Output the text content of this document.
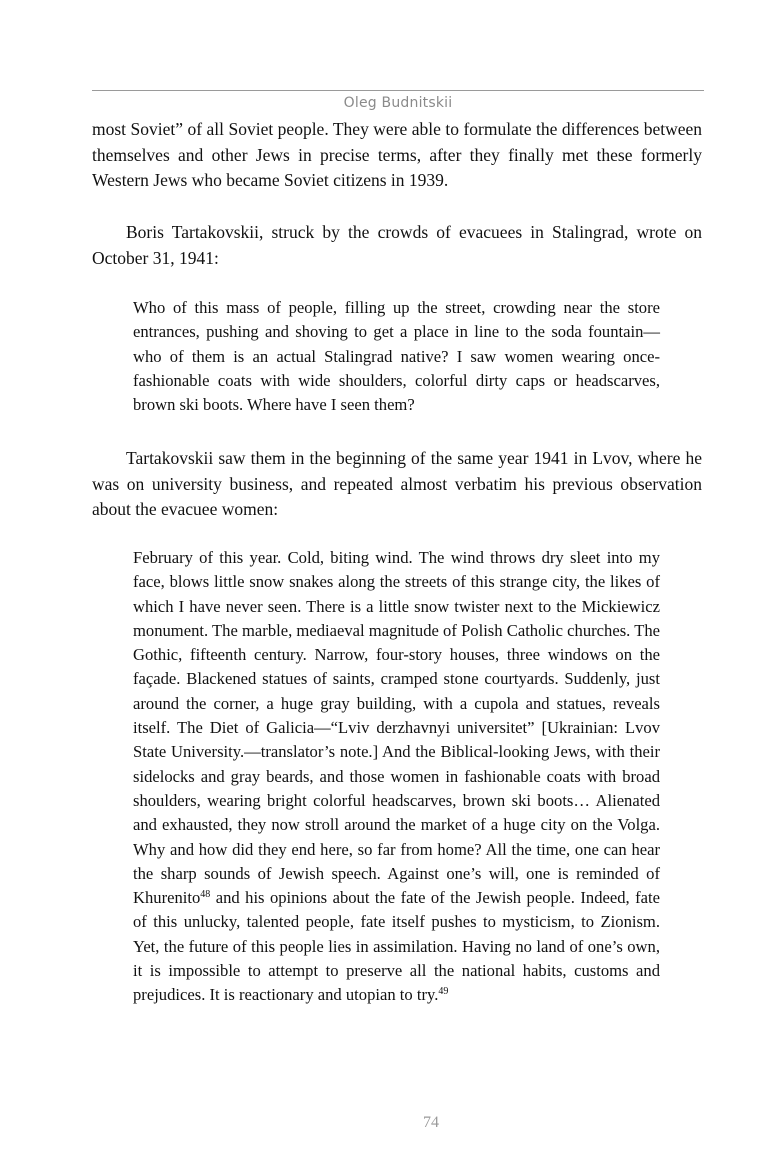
Oleg Budnitskii

most Soviet” of all Soviet people. They were able to formulate the differences between themselves and other Jews in precise terms, after they finally met these formerly Western Jews who became Soviet citizens in 1939.

Boris Tartakovskii, struck by the crowds of evacuees in Stalingrad, wrote on October 31, 1941:

Who of this mass of people, filling up the street, crowding near the store entrances, pushing and shoving to get a place in line to the soda fountain—who of them is an actual Stalingrad native? I saw women wearing once-fashionable coats with wide shoulders, colorful dirty caps or headscarves, brown ski boots. Where have I seen them?

Tartakovskii saw them in the beginning of the same year 1941 in Lvov, where he was on university business, and repeated almost verbatim his previous observation about the evacuee women:

February of this year. Cold, biting wind. The wind throws dry sleet into my face, blows little snow snakes along the streets of this strange city, the likes of which I have never seen. There is a little snow twister next to the Mickiewicz monument. The marble, mediaeval magnitude of Polish Catholic churches. The Gothic, fifteenth century. Narrow, four-story houses, three windows on the façade. Blackened statues of saints, cramped stone courtyards. Suddenly, just around the corner, a huge gray building, with a cupola and statues, reveals itself. The Diet of Galicia—“Lviv derzhavnyi universitet” [Ukrainian: Lvov State University.—translator’s note.] And the Biblical-looking Jews, with their sidelocks and gray beards, and those women in fashionable coats with broad shoulders, wearing bright colorful headscarves, brown ski boots… Alienated and exhausted, they now stroll around the market of a huge city on the Volga. Why and how did they end here, so far from home? All the time, one can hear the sharp sounds of Jewish speech. Against one’s will, one is reminded of Khurenito$^{48}$ and his opinions about the fate of the Jewish people. Indeed, fate of this unlucky, talented people, fate itself pushes to mysticism, to Zionism. Yet, the future of this people lies in assimilation. Having no land of one’s own, it is impossible to attempt to preserve all the national habits, customs and prejudices. It is reactionary and utopian to try.$^{49}$

74
